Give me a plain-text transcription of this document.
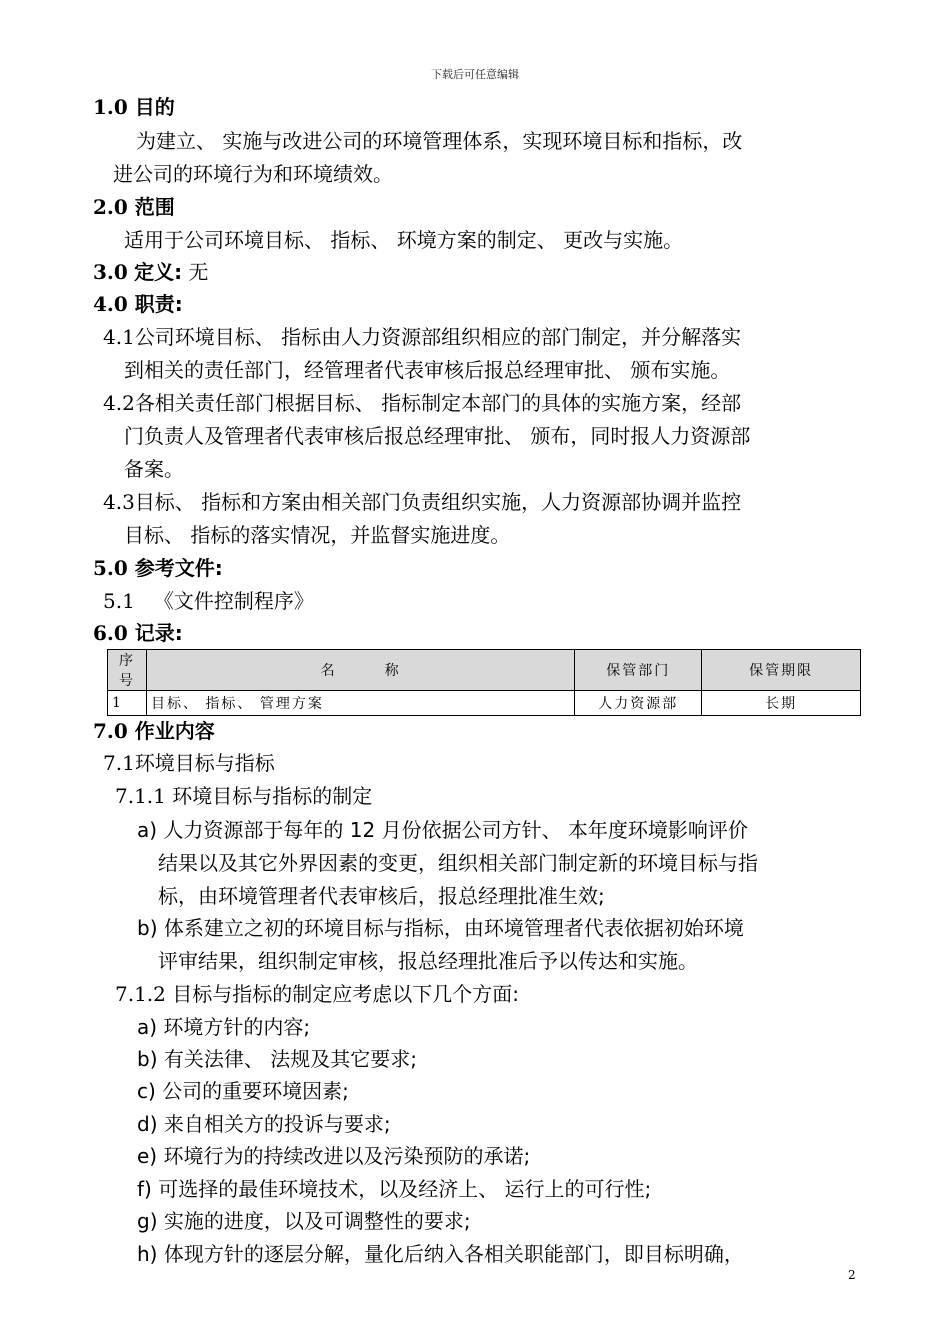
下载后可任意编辑
1.0 目的
为建立、 实施与改进公司的环境管理体系，实现环境目标和指标，改
进公司的环境行为和环境绩效。
2.0 范围
适用于公司环境目标、 指标、 环境方案的制定、 更改与实施。
3.0 定义: 无
4.0 职责:
4.1公司环境目标、 指标由人力资源部组织相应的部门制定，并分解落实
到相关的责任部门，经管理者代表审核后报总经理审批、 颁布实施。
4.2各相关责任部门根据目标、 指标制定本部门的具体的实施方案，经部
门负责人及管理者代表审核后报总经理审批、 颁布，同时报人力资源部
备案。
4.3目标、 指标和方案由相关部门负责组织实施，人力资源部协调并监控
目标、 指标的落实情况，并监督实施进度。
5.0 参考文件:
5.1 《文件控制程序》
6.0 记录:
序号	名　　　称	保管部门	保管期限
1	目标、 指标、 管理方案	人力资源部	长期
7.0 作业内容
7.1环境目标与指标
7.1.1 环境目标与指标的制定
a) 人力资源部于每年的 12 月份依据公司方针、 本年度环境影响评价
结果以及其它外界因素的变更，组织相关部门制定新的环境目标与指
标，由环境管理者代表审核后，报总经理批准生效;
b) 体系建立之初的环境目标与指标，由环境管理者代表依据初始环境
评审结果，组织制定审核，报总经理批准后予以传达和实施。
7.1.2 目标与指标的制定应考虑以下几个方面:
a) 环境方针的内容;
b) 有关法律、 法规及其它要求;
c) 公司的重要环境因素;
d) 来自相关方的投诉与要求;
e) 环境行为的持续改进以及污染预防的承诺;
f) 可选择的最佳环境技术，以及经济上、 运行上的可行性;
g) 实施的进度，以及可调整性的要求;
h) 体现方针的逐层分解，量化后纳入各相关职能部门，即目标明确，
2
